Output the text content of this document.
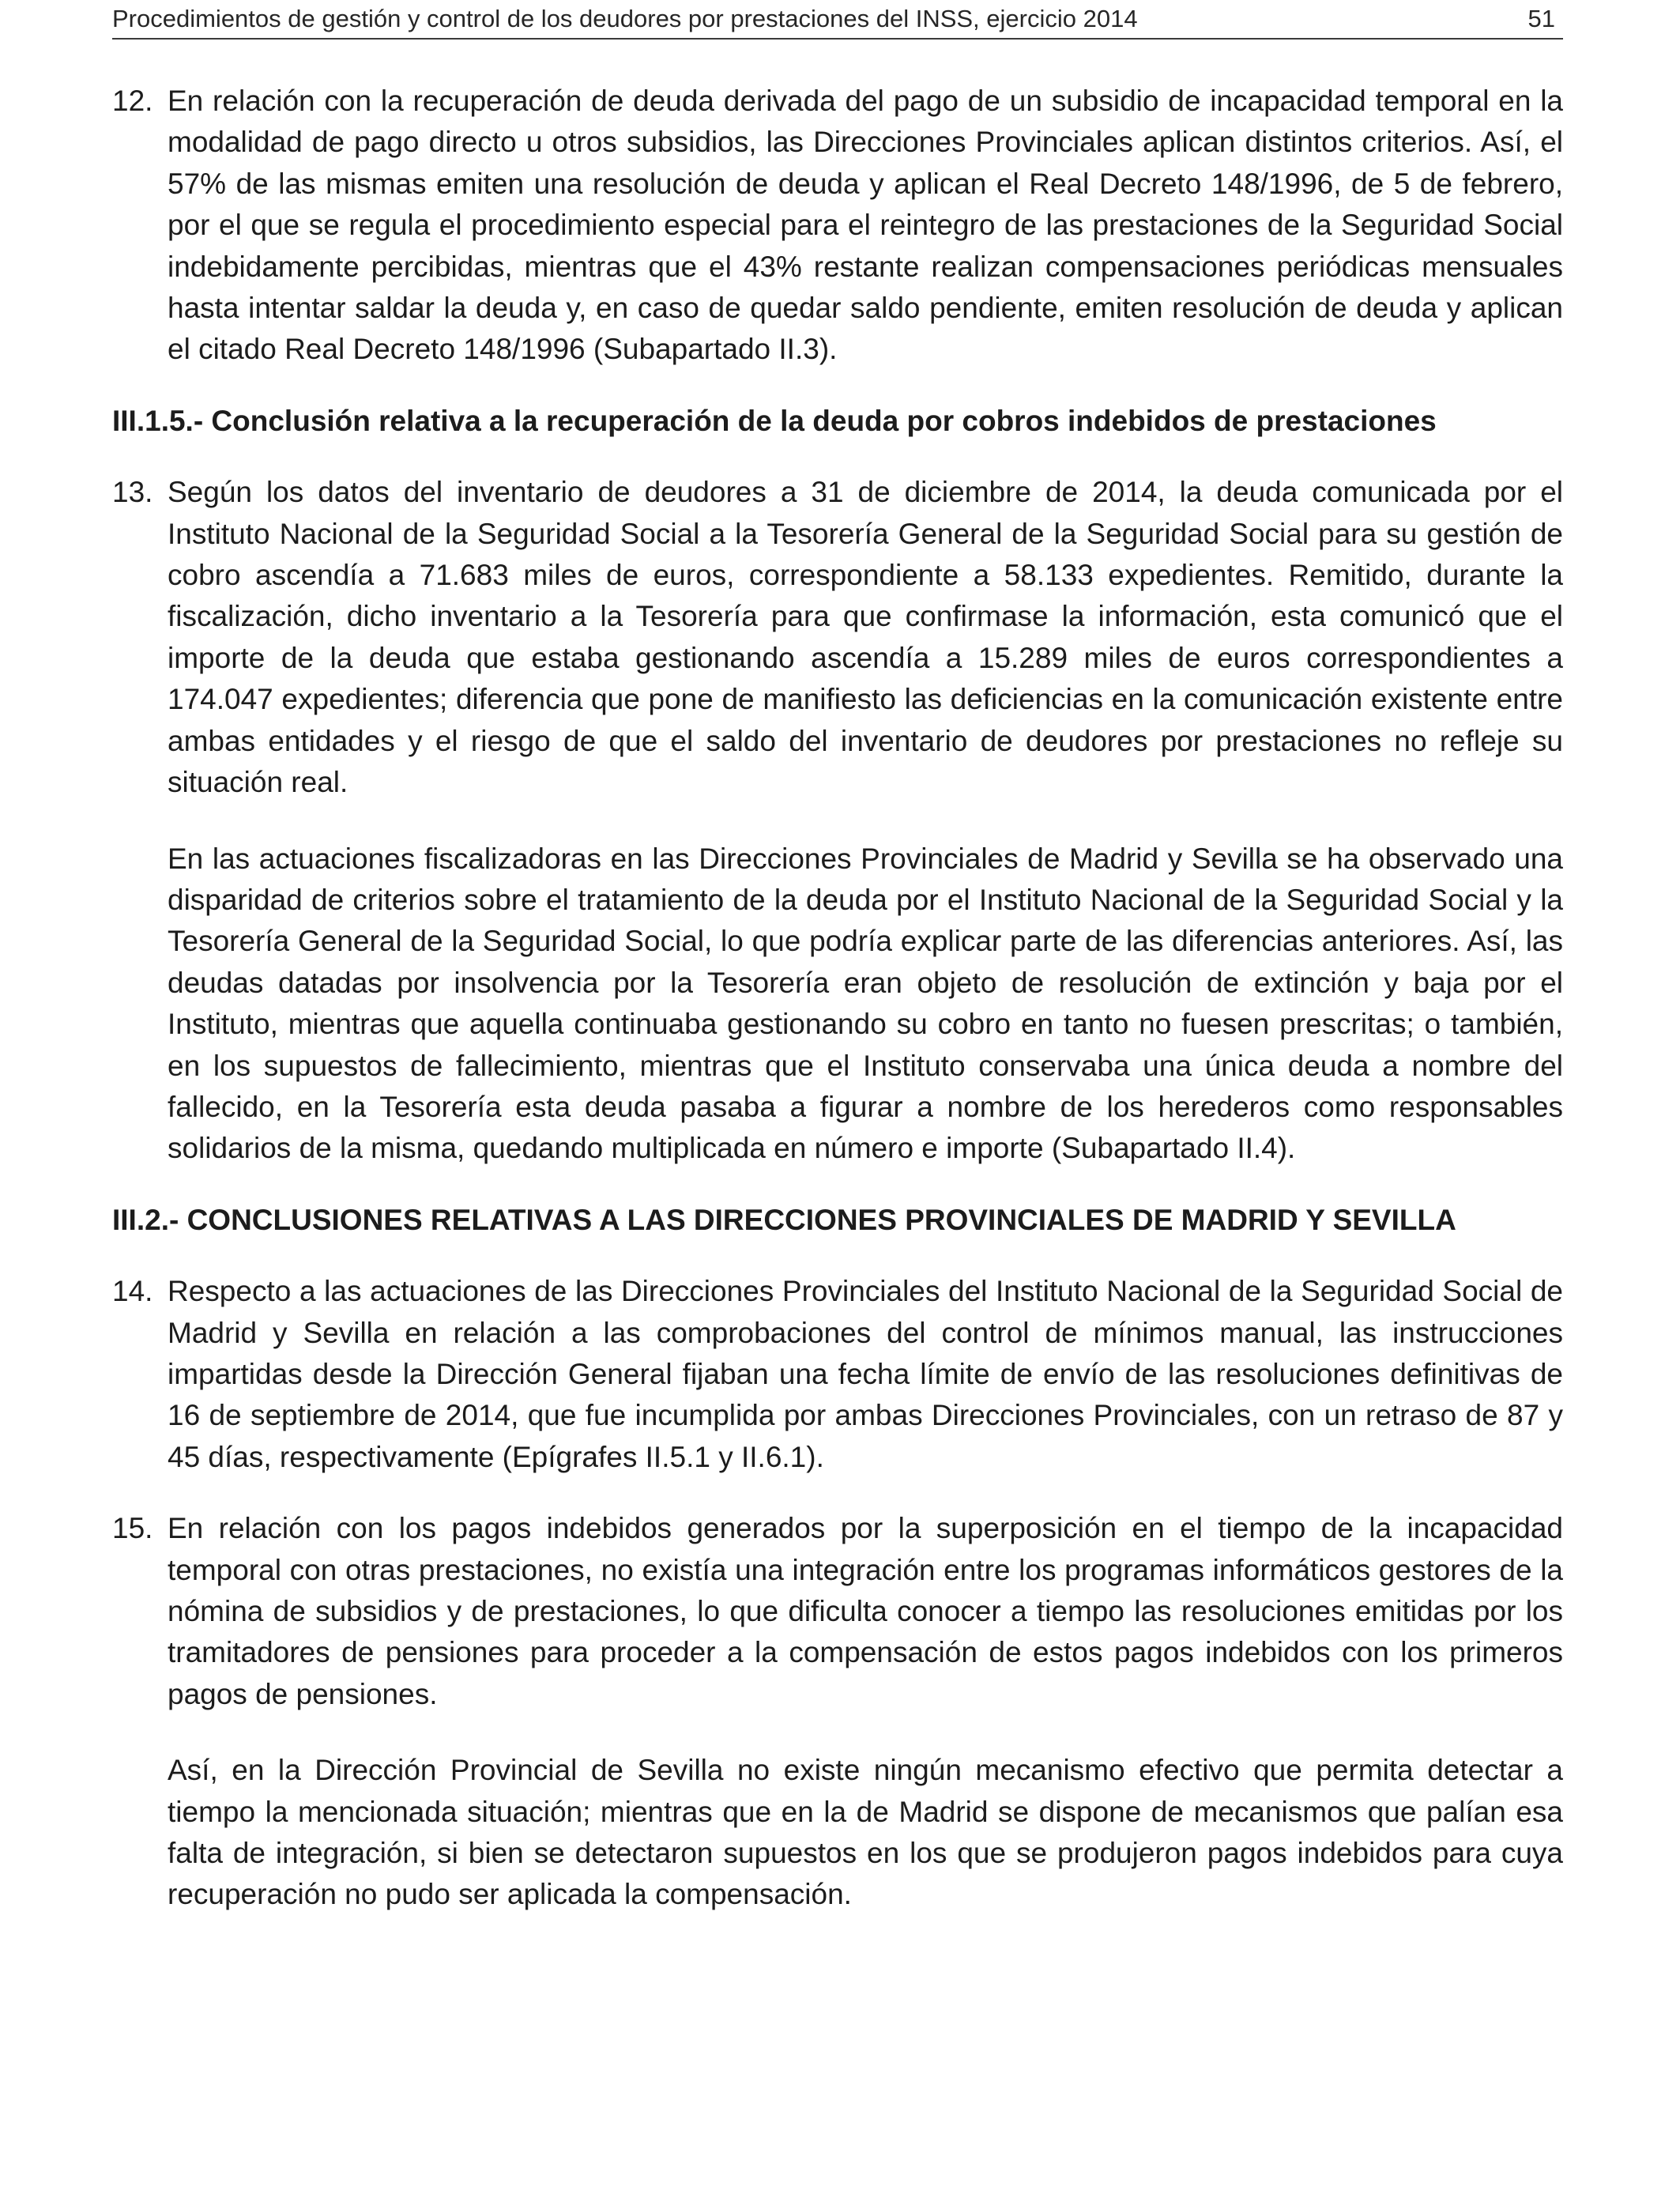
Procedimientos de gestión y control de los deudores por prestaciones del INSS, ejercicio 2014	51
12. En relación con la recuperación de deuda derivada del pago de un subsidio de incapacidad temporal en la modalidad de pago directo u otros subsidios, las Direcciones Provinciales aplican distintos criterios. Así, el 57% de las mismas emiten una resolución de deuda y aplican el Real Decreto 148/1996, de 5 de febrero, por el que se regula el procedimiento especial para el reintegro de las prestaciones de la Seguridad Social indebidamente percibidas, mientras que el 43% restante realizan compensaciones periódicas mensuales hasta intentar saldar la deuda y, en caso de quedar saldo pendiente, emiten resolución de deuda y aplican el citado Real Decreto 148/1996 (Subapartado II.3).

III.1.5.- Conclusión relativa a la recuperación de la deuda por cobros indebidos de prestaciones
13. Según los datos del inventario de deudores a 31 de diciembre de 2014, la deuda comunicada por el Instituto Nacional de la Seguridad Social a la Tesorería General de la Seguridad Social para su gestión de cobro ascendía a 71.683 miles de euros, correspondiente a 58.133 expedientes. Remitido, durante la fiscalización, dicho inventario a la Tesorería para que confirmase la información, esta comunicó que el importe de la deuda que estaba gestionando ascendía a 15.289 miles de euros correspondientes a 174.047 expedientes; diferencia que pone de manifiesto las deficiencias en la comunicación existente entre ambas entidades y el riesgo de que el saldo del inventario de deudores por prestaciones no refleje su situación real.

En las actuaciones fiscalizadoras en las Direcciones Provinciales de Madrid y Sevilla se ha observado una disparidad de criterios sobre el tratamiento de la deuda por el Instituto Nacional de la Seguridad Social y la Tesorería General de la Seguridad Social, lo que podría explicar parte de las diferencias anteriores. Así, las deudas datadas por insolvencia por la Tesorería eran objeto de resolución de extinción y baja por el Instituto, mientras que aquella continuaba gestionando su cobro en tanto no fuesen prescritas; o también, en los supuestos de fallecimiento, mientras que el Instituto conservaba una única deuda a nombre del fallecido, en la Tesorería esta deuda pasaba a figurar a nombre de los herederos como responsables solidarios de la misma, quedando multiplicada en número e importe (Subapartado II.4).

III.2.- CONCLUSIONES RELATIVAS A LAS DIRECCIONES PROVINCIALES DE MADRID Y SEVILLA
14. Respecto a las actuaciones de las Direcciones Provinciales del Instituto Nacional de la Seguridad Social de Madrid y Sevilla en relación a las comprobaciones del control de mínimos manual, las instrucciones impartidas desde la Dirección General fijaban una fecha límite de envío de las resoluciones definitivas de 16 de septiembre de 2014, que fue incumplida por ambas Direcciones Provinciales, con un retraso de 87 y 45 días, respectivamente (Epígrafes II.5.1 y II.6.1).

15. En relación con los pagos indebidos generados por la superposición en el tiempo de la incapacidad temporal con otras prestaciones, no existía una integración entre los programas informáticos gestores de la nómina de subsidios y de prestaciones, lo que dificulta conocer a tiempo las resoluciones emitidas por los tramitadores de pensiones para proceder a la compensación de estos pagos indebidos con los primeros pagos de pensiones.

Así, en la Dirección Provincial de Sevilla no existe ningún mecanismo efectivo que permita detectar a tiempo la mencionada situación; mientras que en la de Madrid se dispone de mecanismos que palían esa falta de integración, si bien se detectaron supuestos en los que se produjeron pagos indebidos para cuya recuperación no pudo ser aplicada la compensación.
